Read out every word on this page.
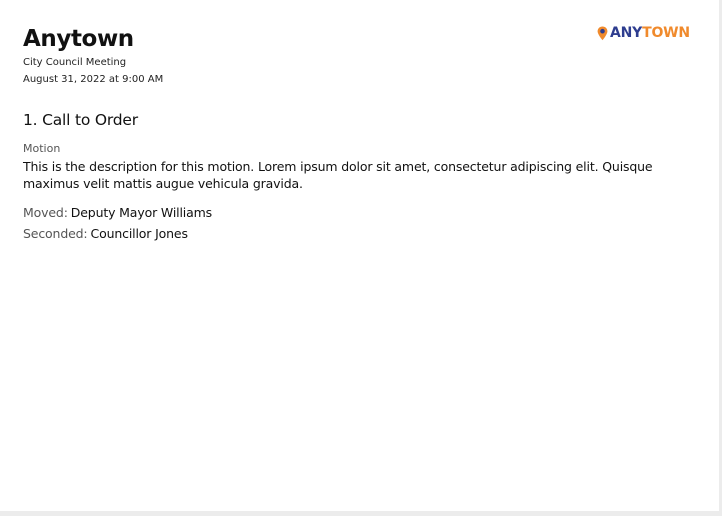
ANYTOWN
Anytown
City Council Meeting
August 31, 2022 at 9:00 AM
1. Call to Order
Motion
This is the description for this motion. Lorem ipsum dolor sit amet, consectetur adipiscing elit. Quisque maximus velit mattis augue vehicula gravida.
Moved: Deputy Mayor Williams
Seconded: Councillor Jones
